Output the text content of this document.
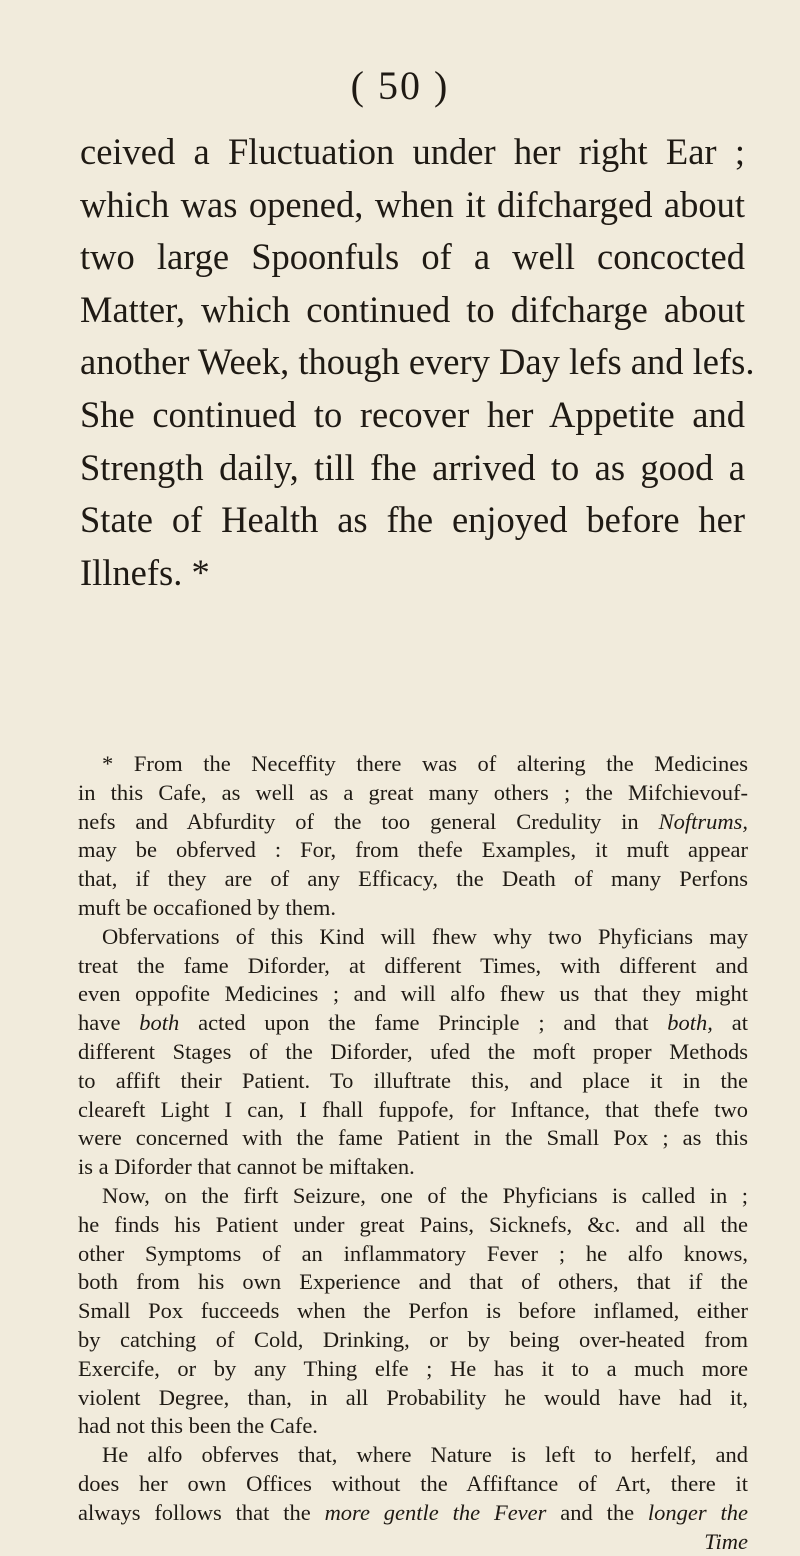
( 50 )
ceived a Fluctuation under her right Ear ;
which was opened, when it difcharged about
two large Spoonfuls of a well concocted
Matter, which continued to difcharge about
another Week, though every Day lefs and lefs.
She continued to recover her Appetite and
Strength daily, till fhe arrived to as good a
State of Health as fhe enjoyed before her
Illnefs. *
* From the Neceffity there was of altering the Medicines
in this Cafe, as well as a great many others ; the Mifchievouf-
nefs and Abfurdity of the too general Credulity in Noftrums,
may be obferved : For, from thefe Examples, it muft appear
that, if they are of any Efficacy, the Death of many Perfons
muft be occafioned by them.
Obfervations of this Kind will fhew why two Phyficians may
treat the fame Diforder, at different Times, with different and
even oppofite Medicines ; and will alfo fhew us that they might
have both acted upon the fame Principle ; and that both, at
different Stages of the Diforder, ufed the moft proper Methods
to affift their Patient. To illuftrate this, and place it in the
cleareft Light I can, I fhall fuppofe, for Inftance, that thefe two
were concerned with the fame Patient in the Small Pox ; as this
is a Diforder that cannot be miftaken.
Now, on the firft Seizure, one of the Phyficians is called in ;
he finds his Patient under great Pains, Sicknefs, &c. and all the
other Symptoms of an inflammatory Fever ; he alfo knows,
both from his own Experience and that of others, that if the
Small Pox fucceeds when the Perfon is before inflamed, either
by catching of Cold, Drinking, or by being over-heated from
Exercife, or by any Thing elfe ; He has it to a much more
violent Degree, than, in all Probability he would have had it,
had not this been the Cafe.
He alfo obferves that, where Nature is left to herfelf, and
does her own Offices without the Affiftance of Art, there it
always follows that the more gentle the Fever and the longer the
Time
